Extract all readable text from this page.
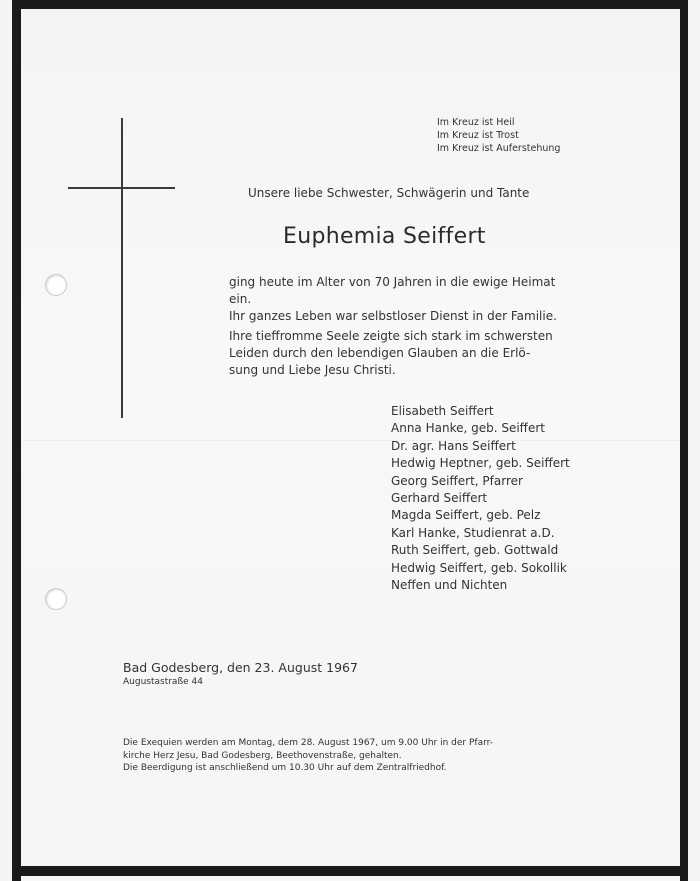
Im Kreuz ist Heil
Im Kreuz ist Trost
Im Kreuz ist Auferstehung
Unsere liebe Schwester, Schwägerin und Tante
Euphemia Seiffert
ging heute im Alter von 70 Jahren in die ewige Heimat
ein.
Ihr ganzes Leben war selbstloser Dienst in der Familie.
Ihre tieffromme Seele zeigte sich stark im schwersten
Leiden durch den lebendigen Glauben an die Erlö-
sung und Liebe Jesu Christi.
Elisabeth Seiffert
Anna Hanke, geb. Seiffert
Dr. agr. Hans Seiffert
Hedwig Heptner, geb. Seiffert
Georg Seiffert, Pfarrer
Gerhard Seiffert
Magda Seiffert, geb. Pelz
Karl Hanke, Studienrat a.D.
Ruth Seiffert, geb. Gottwald
Hedwig Seiffert, geb. Sokollik
Neffen und Nichten
Bad Godesberg, den 23. August 1967
Augustastraße 44
Die Exequien werden am Montag, dem 28. August 1967, um 9.00 Uhr in der Pfarr-
kirche Herz Jesu, Bad Godesberg, Beethovenstraße, gehalten.
Die Beerdigung ist anschließend um 10.30 Uhr auf dem Zentralfriedhof.
